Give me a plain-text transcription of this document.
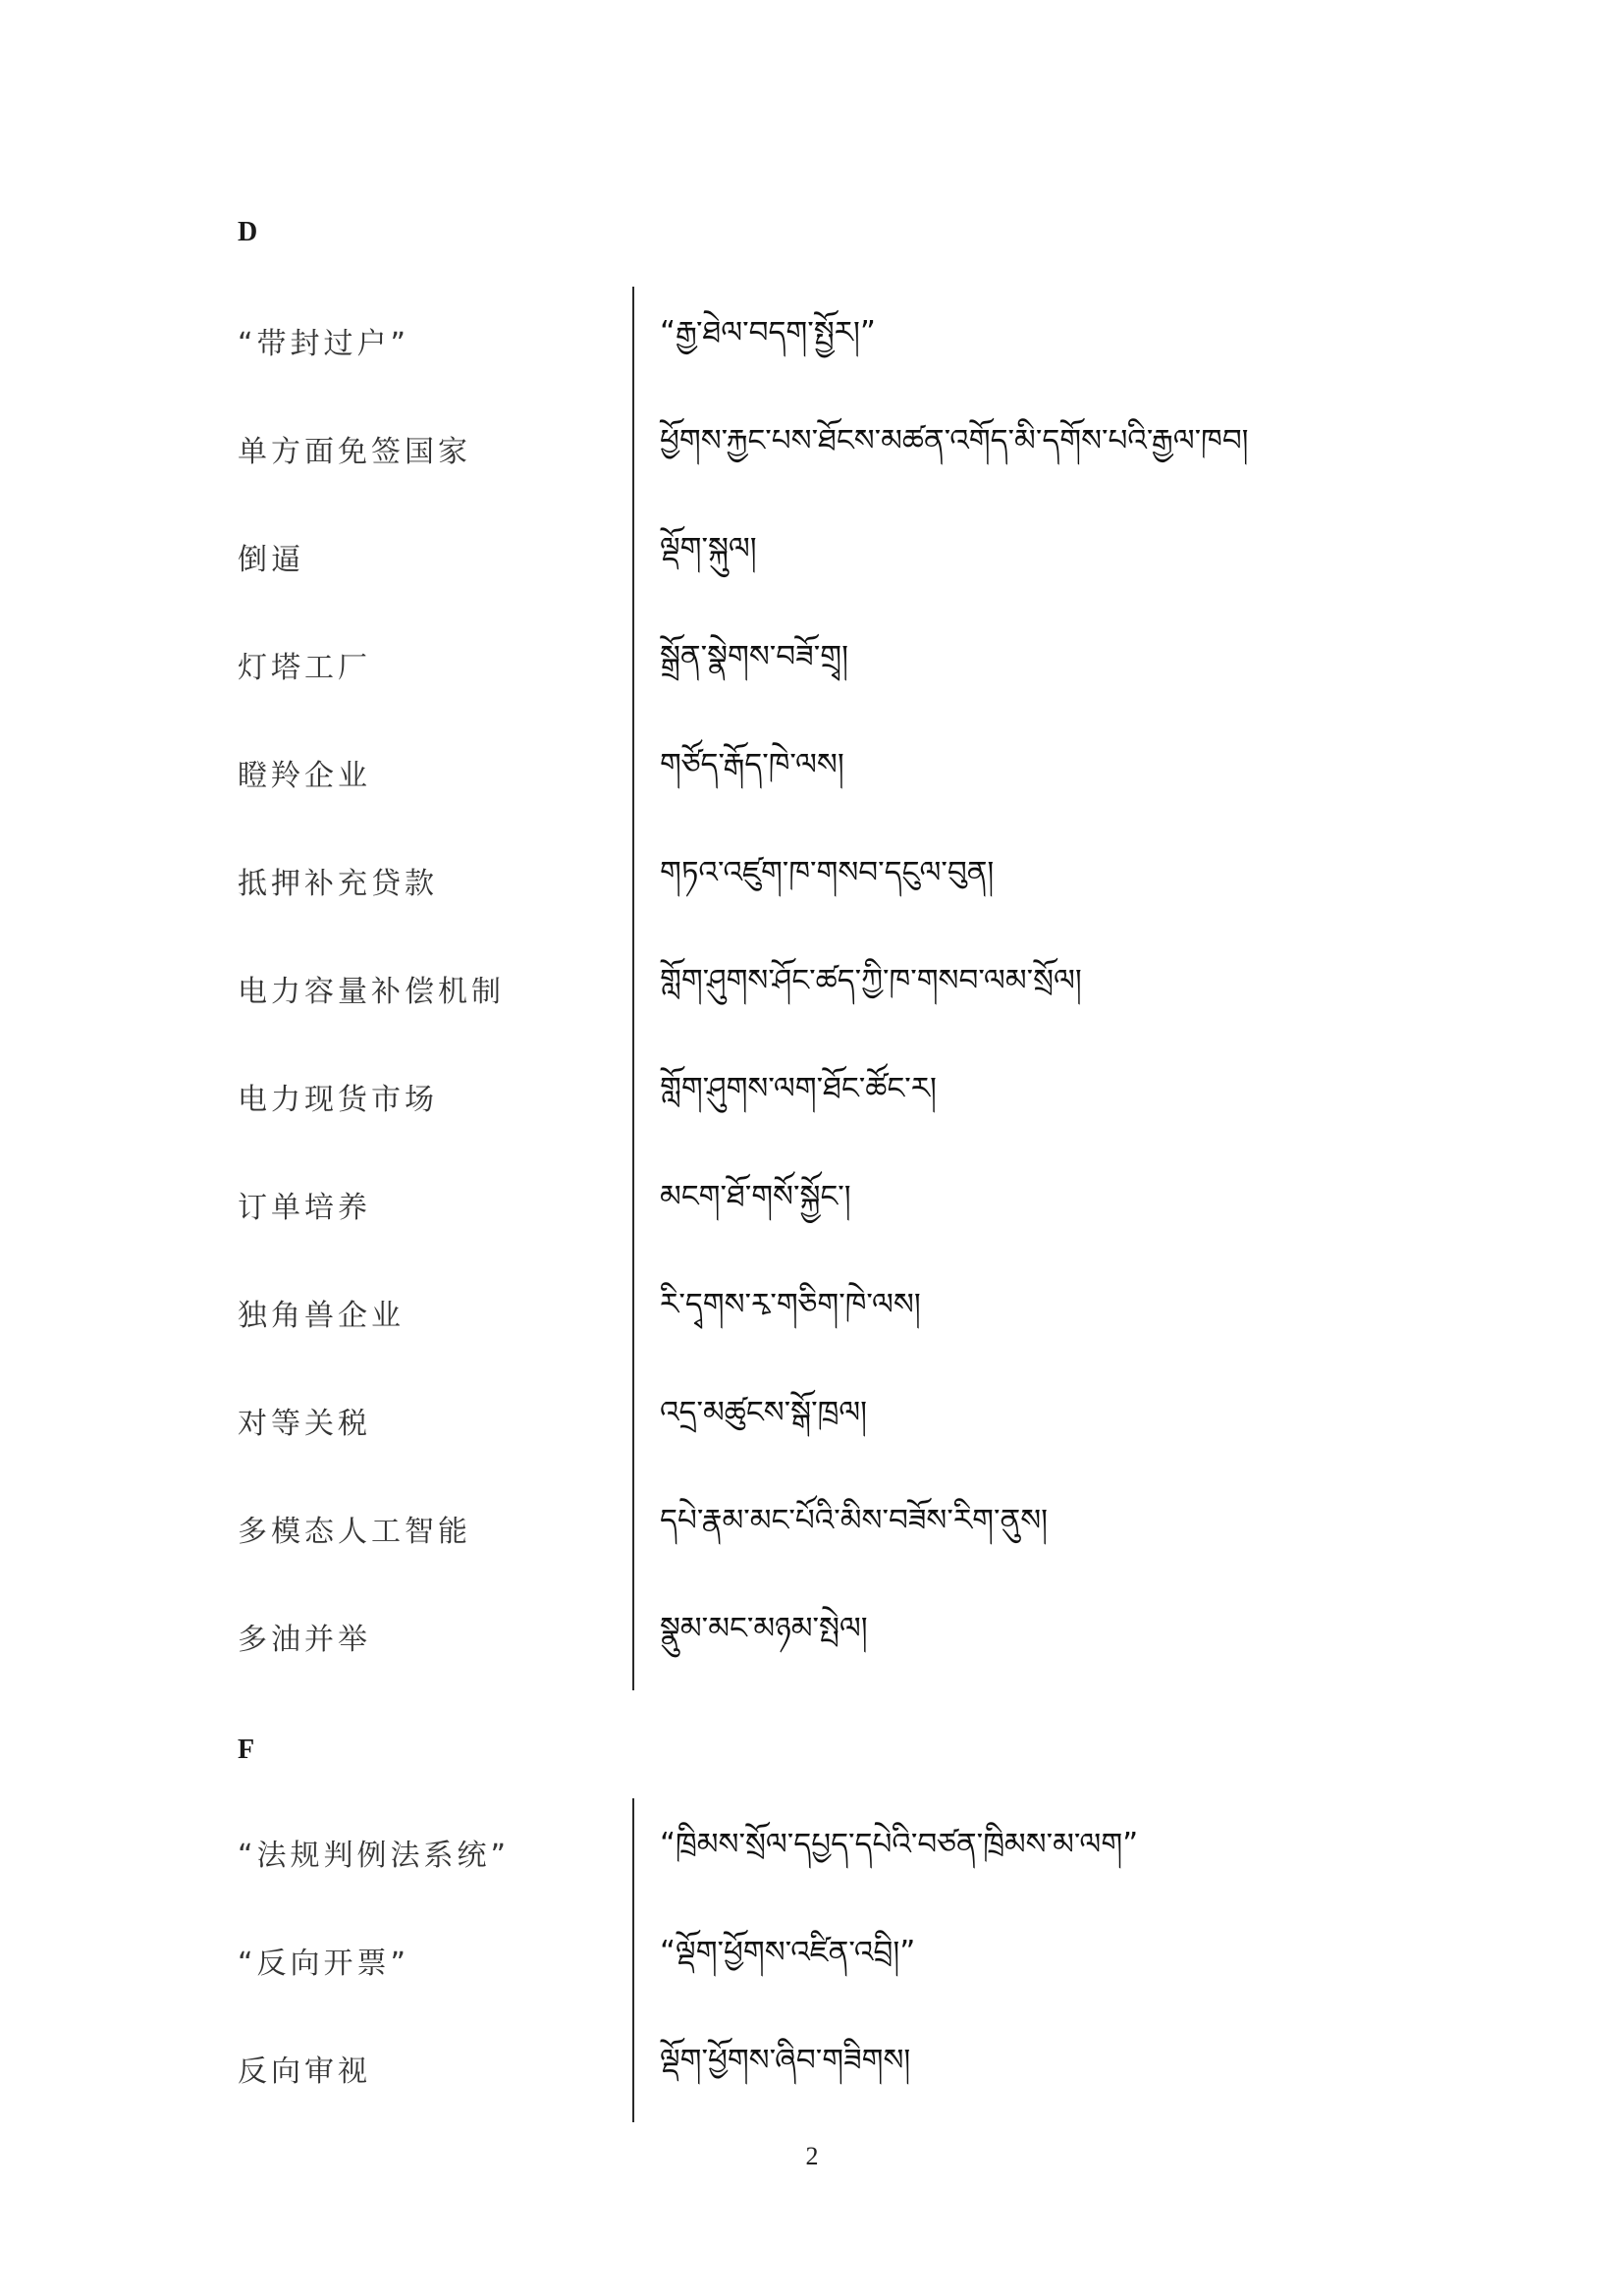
D
“带封过户”	“རྒྱ་ཐེལ་བདག་སྤྱོར།”
单方面免签国家	ཕྱོགས་རྐྱང་པས་ཐོངས་མཚན་འགོད་མི་དགོས་པའི་རྒྱལ་ཁབ།
倒逼	ལྡོག་སྐུལ།
灯塔工厂	སྒྲོན་སྣེགས་བཟོ་གྲྭ།
瞪羚企业	གཙོད་རྒོད་ཁེ་ལས།
抵押补充贷款	གཏའ་འཛུག་ཁ་གསབ་དངུལ་བུན།
电力容量补偿机制	གློག་ཤུགས་ཤོང་ཚད་ཀྱི་ཁ་གསབ་ལམ་སྲོལ།
电力现货市场	གློག་ཤུགས་ལག་ཐོང་ཚོང་ར།
订单培养	མངག་ཐོ་གསོ་སྐྱོང་།
独角兽企业	རི་དྭགས་རྭ་གཅིག་ཁེ་ལས།
对等关税	འདྲ་མཚུངས་སྒོ་ཁྲལ།
多模态人工智能	དཔེ་རྣམ་མང་པོའི་མིས་བཟོས་རིག་ནུས།
多油并举	སྣུམ་མང་མཉམ་སྤེལ།
F
“法规判例法系统”	“ཁྲིམས་སྲོལ་དཔྱད་དཔེའི་བཙན་ཁྲིམས་མ་ལག”
“反向开票”	“ལྡོག་ཕྱོགས་འཛིན་འབྲི།”
反向审视	ལྡོག་ཕྱོགས་ཞིབ་གཟིགས།
2
